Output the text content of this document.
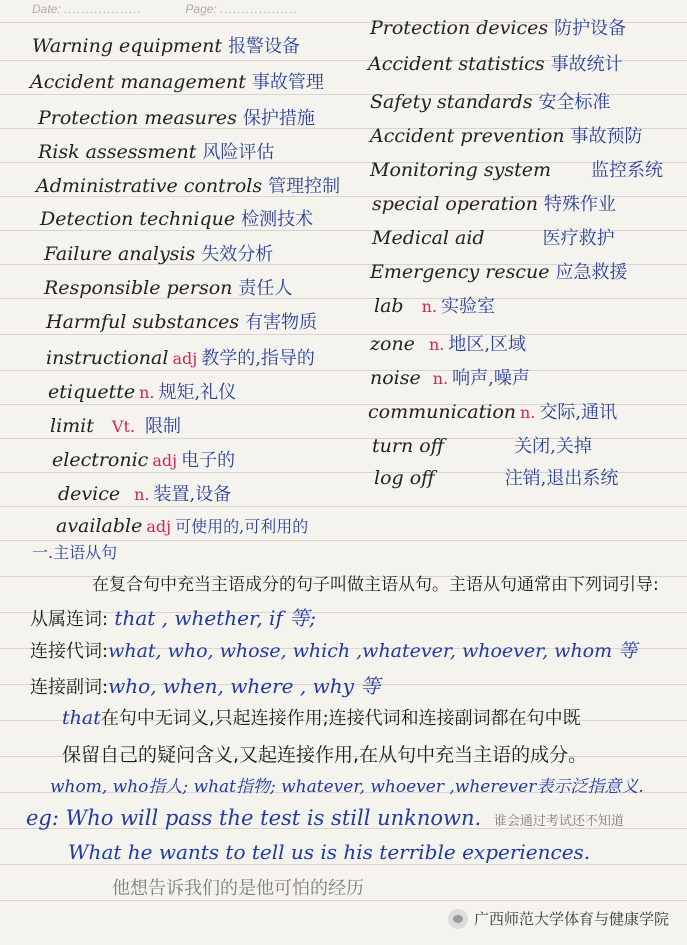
Date: ..................	Page: ..................
Warning equipment 报警设备
Accident management 事故管理
Protection measures 保护措施
Risk assessment 风险评估
Administrative controls 管理控制
Detection technique 检测技术
Failure analysis 失效分析
Responsible person 责任人
Harmful substances 有害物质
instructional adj 教学的,指导的
etiquette n. 规矩,礼仪
limit Vt. 限制
electronic adj 电子的
device n. 装置,设备
available adj 可使用的,可利用的
Protection devices 防护设备
Accident statistics 事故统计
Safety standards 安全标准
Accident prevention 事故预防
Monitoring system 监控系统
special operation 特殊作业
Medical aid	医疗救护
Emergency rescue 应急救援
lab n. 实验室
zone n. 地区,区域
noise n. 响声,噪声
communication n. 交际,通讯
turn off	关闭,关掉
log off	注销,退出系统
一.主语从句
在复合句中充当主语成分的句子叫做主语从句。主语从句通常由下列词引导:
从属连词: that , whether, if 等;
连接代词:what, who, whose, which ,whatever, whoever, whom 等
连接副词:who, when, where , why 等
that在句中无词义,只起连接作用;连接代词和连接副词都在句中既
保留自己的疑问含义,又起连接作用,在从句中充当主语的成分。
whom, who指人; what指物; whatever, whoever ,wherever表示泛指意义.
eg: Who will pass the test is still unknown. 谁会通过考试还不知道
What he wants to tell us is his terrible experiences.
他想告诉我们的是他可怕的经历
广西师范大学体育与健康学院
